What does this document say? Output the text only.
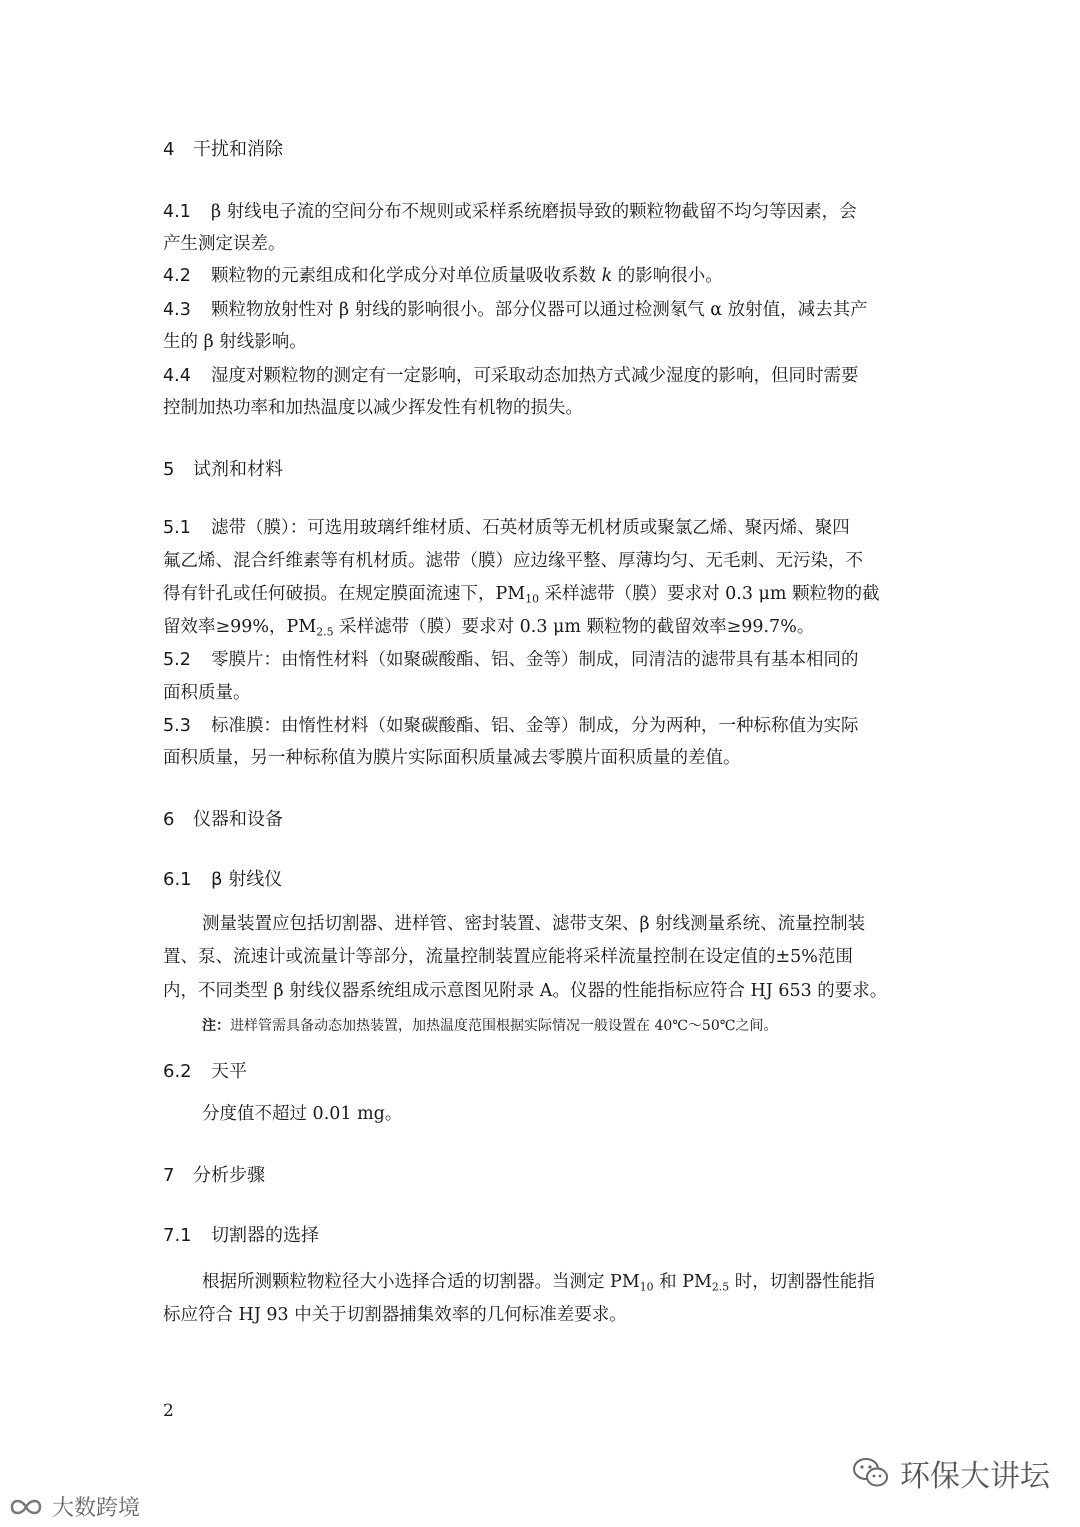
4 干扰和消除
4.1 β 射线电子流的空间分布不规则或采样系统磨损导致的颗粒物截留不均匀等因素，会
产生测定误差。
4.2 颗粒物的元素组成和化学成分对单位质量吸收系数 k 的影响很小。
4.3 颗粒物放射性对 β 射线的影响很小。部分仪器可以通过检测氡气 α 放射值，减去其产
生的 β 射线影响。
4.4 湿度对颗粒物的测定有一定影响，可采取动态加热方式减少湿度的影响，但同时需要
控制加热功率和加热温度以减少挥发性有机物的损失。
5 试剂和材料
5.1 滤带（膜）：可选用玻璃纤维材质、石英材质等无机材质或聚氯乙烯、聚丙烯、聚四
氟乙烯、混合纤维素等有机材质。滤带（膜）应边缘平整、厚薄均匀、无毛刺、无污染，不
得有针孔或任何破损。在规定膜面流速下，$PM_{10}$ 采样滤带（膜）要求对 0.3 μm 颗粒物的截
留效率≥99%，$PM_{2.5}$ 采样滤带（膜）要求对 0.3 μm 颗粒物的截留效率≥99.7%。
5.2 零膜片：由惰性材料（如聚碳酸酯、铝、金等）制成，同清洁的滤带具有基本相同的
面积质量。
5.3 标准膜：由惰性材料（如聚碳酸酯、铝、金等）制成，分为两种，一种标称值为实际
面积质量，另一种标称值为膜片实际面积质量减去零膜片面积质量的差值。
6 仪器和设备
6.1 β 射线仪
测量装置应包括切割器、进样管、密封装置、滤带支架、β 射线测量系统、流量控制装
置、泵、流速计或流量计等部分，流量控制装置应能将采样流量控制在设定值的±5%范围
内，不同类型 β 射线仪器系统组成示意图见附录 A。仪器的性能指标应符合 HJ 653 的要求。
注：进样管需具备动态加热装置，加热温度范围根据实际情况一般设置在 40℃～50℃之间。
6.2 天平
分度值不超过 0.01 mg。
7 分析步骤
7.1 切割器的选择
根据所测颗粒物粒径大小选择合适的切割器。当测定 $PM_{10}$ 和 $PM_{2.5}$ 时，切割器性能指
标应符合 HJ 93 中关于切割器捕集效率的几何标准差要求。
2
环保大讲坛
大数跨境
